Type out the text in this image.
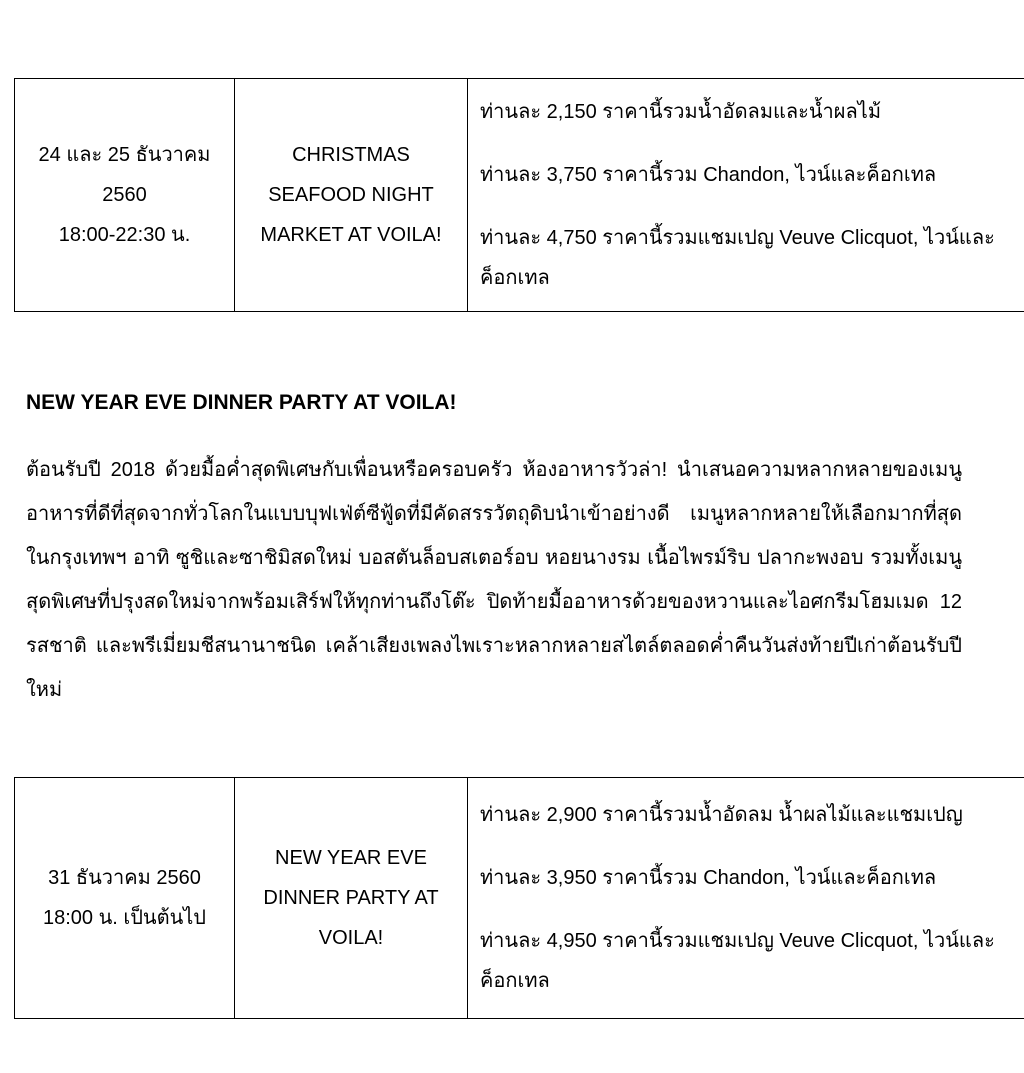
24 และ 25 ธันวาคม
2560
18:00-22:30 น.

CHRISTMAS
SEAFOOD NIGHT
MARKET AT VOILA!

ท่านละ 2,150 ราคานี้รวมน้ำอัดลมและน้ำผลไม้
ท่านละ 3,750 ราคานี้รวม Chandon, ไวน์และค็อกเทล
ท่านละ 4,750 ราคานี้รวมแชมเปญ Veuve Clicquot, ไวน์และค็อกเทล
NEW YEAR EVE DINNER PARTY AT VOILA!

ต้อนรับปี 2018 ด้วยมื้อค่ำสุดพิเศษกับเพื่อนหรือครอบครัว ห้องอาหารวัวล่า! นำเสนอความหลากหลายของเมนูอาหารที่ดีที่สุดจากทั่วโลกในแบบบุฟเฟ่ต์ซีฟู้ดที่มีคัดสรรวัตถุดิบนำเข้าอย่างดี เมนูหลากหลายให้เลือกมากที่สุดในกรุงเทพฯ อาทิ ซูชิและซาชิมิสดใหม่ บอสตันล็อบสเตอร์อบ หอยนางรม เนื้อไพรม์ริบ ปลากะพงอบ รวมทั้งเมนูสุดพิเศษที่ปรุงสดใหม่จากพร้อมเสิร์ฟให้ทุกท่านถึงโต๊ะ ปิดท้ายมื้ออาหารด้วยของหวานและไอศกรีมโฮมเมด 12 รสชาติ และพรีเมี่ยมชีสนานาชนิด เคล้าเสียงเพลงไพเราะหลากหลายสไตล์ตลอดค่ำคืนวันส่งท้ายปีเก่าต้อนรับปีใหม่

31 ธันวาคม 2560
18:00 น. เป็นต้นไป

NEW YEAR EVE
DINNER PARTY AT
VOILA!

ท่านละ 2,900 ราคานี้รวมน้ำอัดลม น้ำผลไม้และแชมเปญ
ท่านละ 3,950 ราคานี้รวม Chandon, ไวน์และค็อกเทล
ท่านละ 4,950 ราคานี้รวมแชมเปญ Veuve Clicquot, ไวน์และค็อกเทล
